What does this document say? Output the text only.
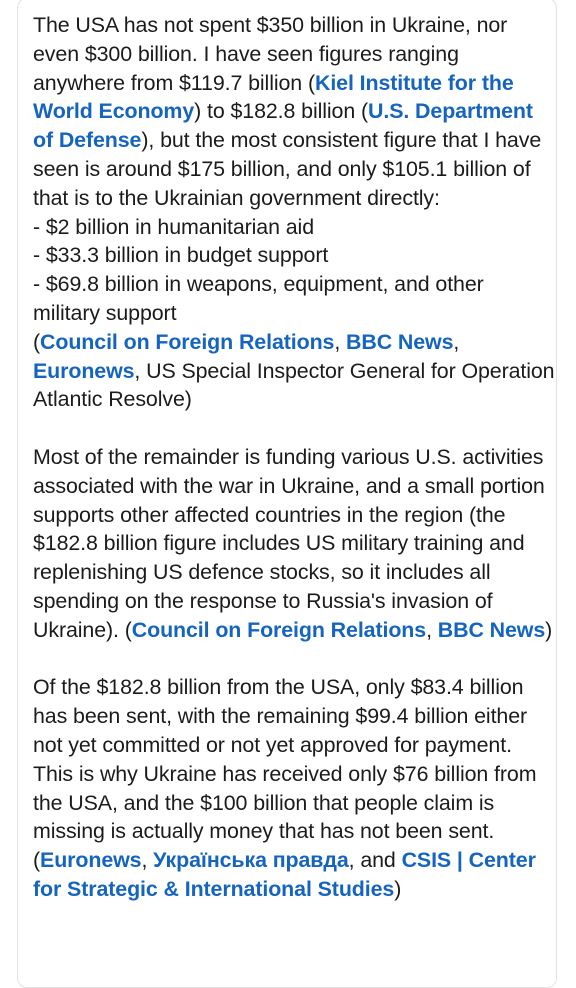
The USA has not spent $350 billion in Ukraine, nor even $300 billion. I have seen figures ranging anywhere from $119.7 billion (Kiel Institute for the World Economy) to $182.8 billion (U.S. Department of Defense), but the most consistent figure that I have seen is around $175 billion, and only $105.1 billion of that is to the Ukrainian government directly:
- $2 billion in humanitarian aid
- $33.3 billion in budget support
- $69.8 billion in weapons, equipment, and other military support
(Council on Foreign Relations, BBC News, Euronews, US Special Inspector General for Operation Atlantic Resolve)

Most of the remainder is funding various U.S. activities associated with the war in Ukraine, and a small portion supports other affected countries in the region (the $182.8 billion figure includes US military training and replenishing US defence stocks, so it includes all spending on the response to Russia's invasion of Ukraine). (Council on Foreign Relations, BBC News)

Of the $182.8 billion from the USA, only $83.4 billion has been sent, with the remaining $99.4 billion either not yet committed or not yet approved for payment. This is why Ukraine has received only $76 billion from the USA, and the $100 billion that people claim is missing is actually money that has not been sent. (Euronews, Українська правда, and CSIS | Center for Strategic & International Studies)
